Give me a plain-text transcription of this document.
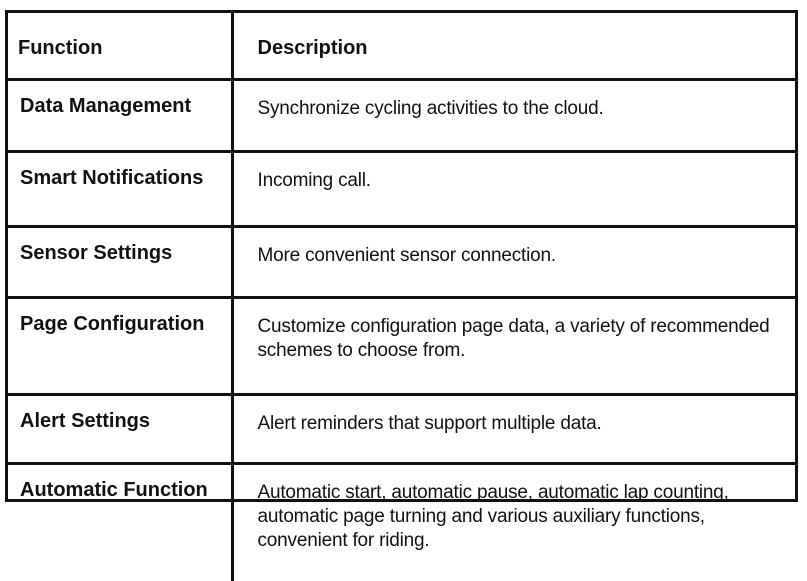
Function	Description
Data Management	Synchronize cycling activities to the cloud.
Smart Notifications	Incoming call.
Sensor Settings	More convenient sensor connection.
Page Configuration	Customize configuration page data, a variety of recommended schemes to choose from.
Alert Settings	Alert reminders that support multiple data.
Automatic Function	Automatic start, automatic pause, automatic lap counting, automatic page turning and various auxiliary functions, convenient for riding.
